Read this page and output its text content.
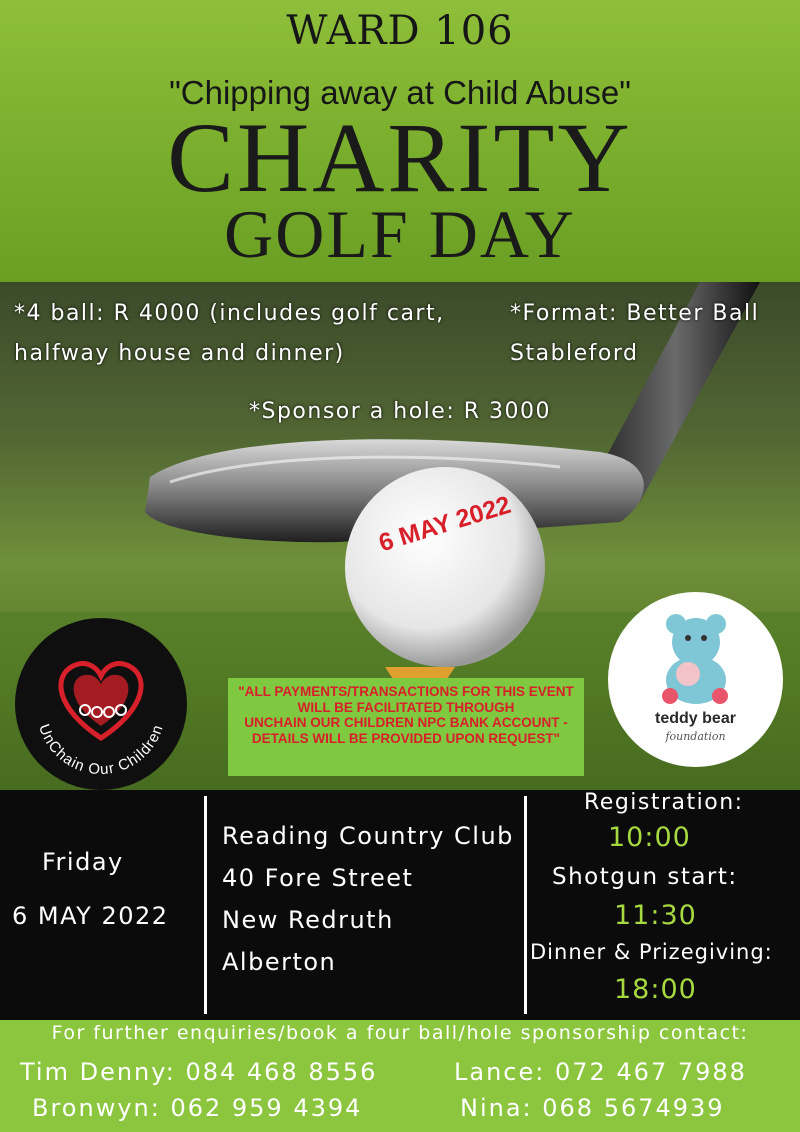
WARD 106
"Chipping away at Child Abuse"
CHARITY
GOLF DAY
*4 ball: R 4000 (includes golf cart, halfway house and dinner)
*Format: Better Ball Stableford
*Sponsor a hole: R 3000
6 MAY 2022
UnChain Our Children
teddy bear
foundation
"ALL PAYMENTS/TRANSACTIONS FOR THIS EVENT
WILL BE FACILITATED THROUGH
UNCHAIN OUR CHILDREN NPC BANK ACCOUNT -
DETAILS WILL BE PROVIDED UPON REQUEST"
Friday
6 MAY 2022
Reading Country Club
40 Fore Street
New Redruth
Alberton
Registration:
10:00
Shotgun start:
11:30
Dinner & Prizegiving:
18:00
For further enquiries/book a four ball/hole sponsorship contact:
Tim Denny: 084 468 8556	Lance: 072 467 7988
Bronwyn: 062 959 4394	Nina: 068 5674939
